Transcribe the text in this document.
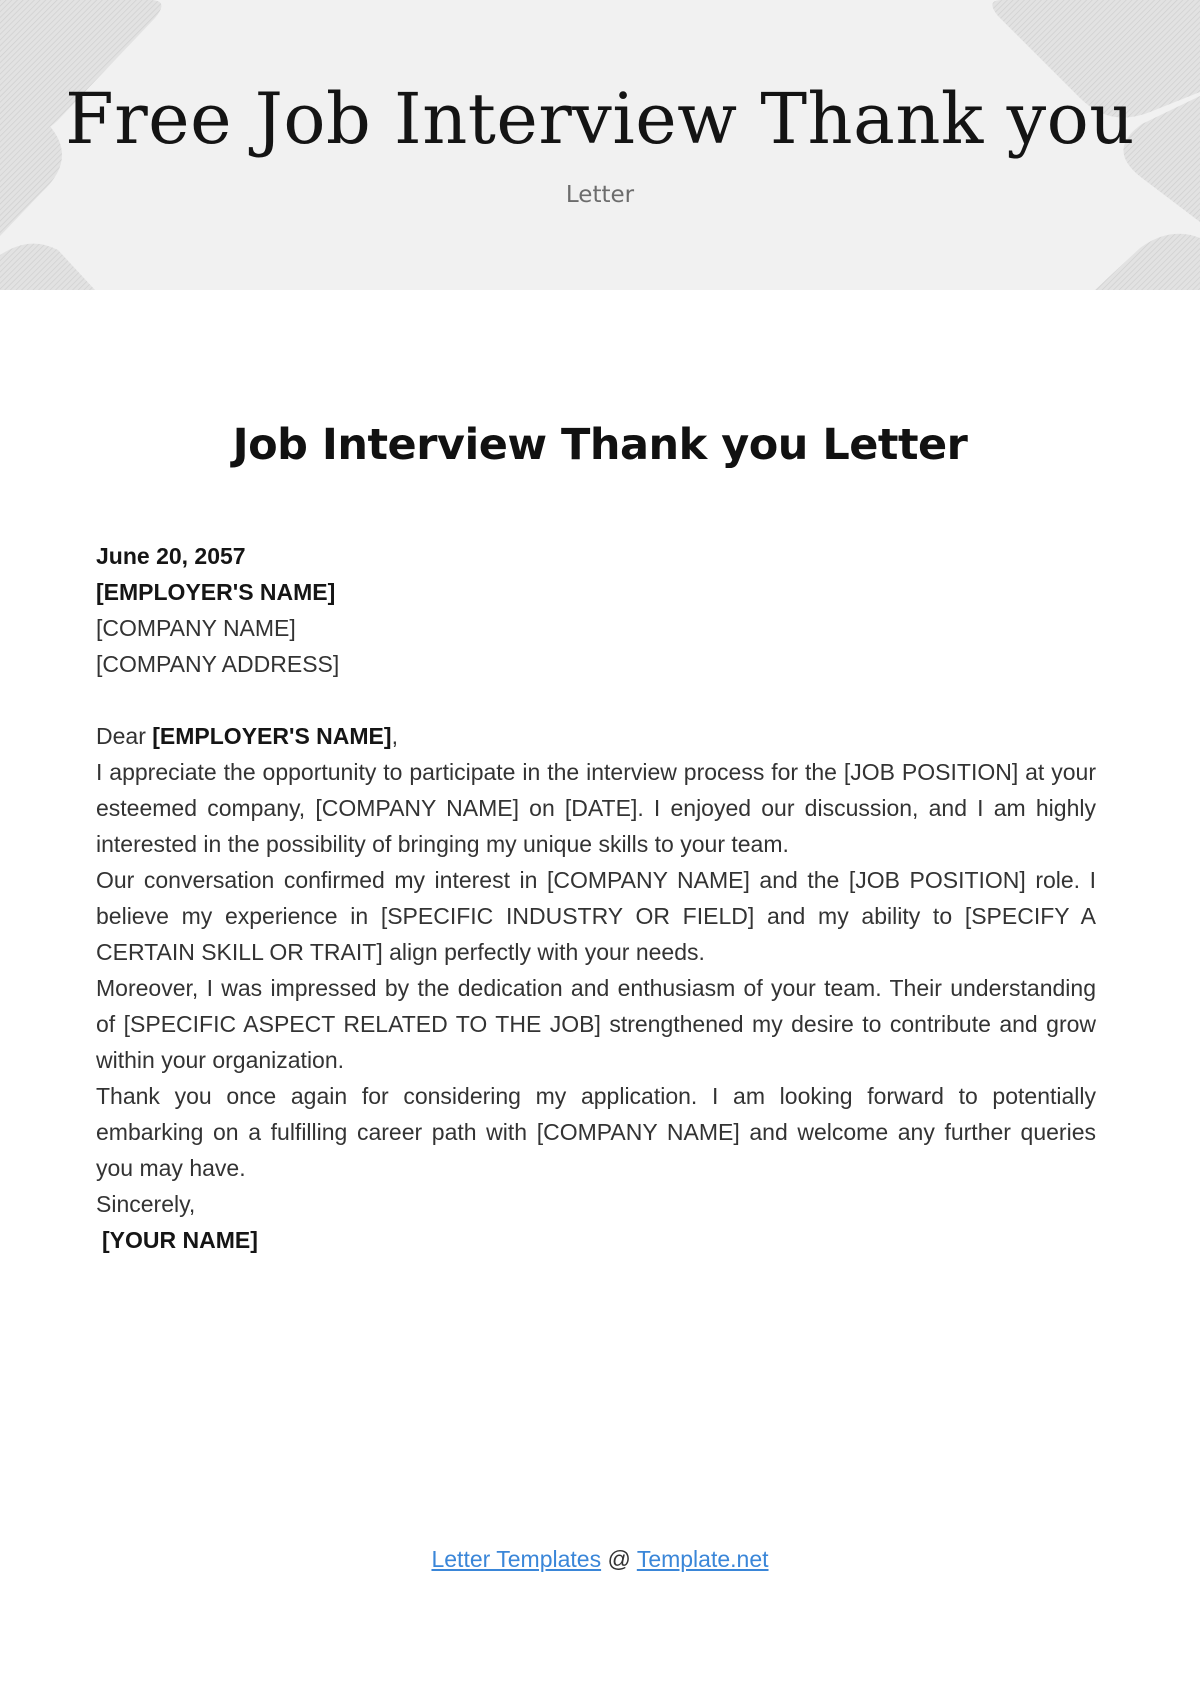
Free Job Interview Thank you
Letter
Job Interview Thank you Letter

June 20, 2057

[EMPLOYER'S NAME]

[COMPANY NAME]

[COMPANY ADDRESS]

Dear [EMPLOYER'S NAME],

I appreciate the opportunity to participate in the interview process for the [JOB POSITION] at your esteemed company, [COMPANY NAME] on [DATE]. I enjoyed our discussion, and I am highly interested in the possibility of bringing my unique skills to your team.

Our conversation confirmed my interest in [COMPANY NAME] and the [JOB POSITION] role. I believe my experience in [SPECIFIC INDUSTRY OR FIELD] and my ability to [SPECIFY A CERTAIN SKILL OR TRAIT] align perfectly with your needs.

Moreover, I was impressed by the dedication and enthusiasm of your team. Their understanding of [SPECIFIC ASPECT RELATED TO THE JOB] strengthened my desire to contribute and grow within your organization.

Thank you once again for considering my application. I am looking forward to potentially embarking on a fulfilling career path with [COMPANY NAME] and welcome any further queries you may have.

Sincerely,

[YOUR NAME]

Letter Templates @ Template.net
